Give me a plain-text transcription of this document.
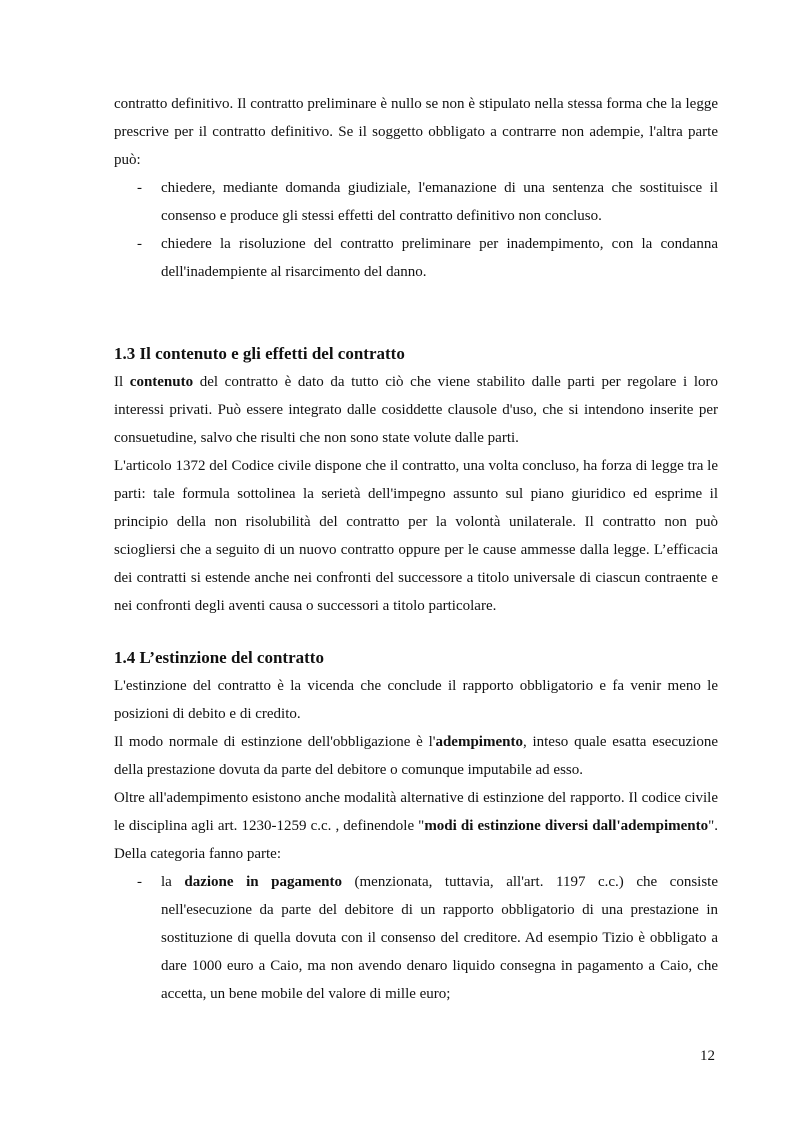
contratto definitivo. Il contratto preliminare è nullo se non è stipulato nella stessa forma che la legge prescrive per il contratto definitivo. Se il soggetto obbligato a contrarre non adempie, l'altra parte può:

- chiedere, mediante domanda giudiziale, l'emanazione di una sentenza che sostituisce il consenso e produce gli stessi effetti del contratto definitivo non concluso.
- chiedere la risoluzione del contratto preliminare per inadempimento, con la condanna dell'inadempiente al risarcimento del danno.
1.3 Il contenuto e gli effetti del contratto

Il contenuto del contratto è dato da tutto ciò che viene stabilito dalle parti per regolare i loro interessi privati. Può essere integrato dalle cosiddette clausole d'uso, che si intendono inserite per consuetudine, salvo che risulti che non sono state volute dalle parti.

L'articolo 1372 del Codice civile dispone che il contratto, una volta concluso, ha forza di legge tra le parti: tale formula sottolinea la serietà dell'impegno assunto sul piano giuridico ed esprime il principio della non risolubilità del contratto per la volontà unilaterale. Il contratto non può sciogliersi che a seguito di un nuovo contratto oppure per le cause ammesse dalla legge. L’efficacia dei contratti si estende anche nei confronti del successore a titolo universale di ciascun contraente e nei confronti degli aventi causa o successori a titolo particolare.

1.4 L’estinzione del contratto

L'estinzione del contratto è la vicenda che conclude il rapporto obbligatorio e fa venir meno le posizioni di debito e di credito.

Il modo normale di estinzione dell'obbligazione è l'adempimento, inteso quale esatta esecuzione della prestazione dovuta da parte del debitore o comunque imputabile ad esso.

Oltre all'adempimento esistono anche modalità alternative di estinzione del rapporto. Il codice civile le disciplina agli art. 1230-1259 c.c. , definendole "modi di estinzione diversi dall'adempimento". Della categoria fanno parte:

- la dazione in pagamento (menzionata, tuttavia, all'art. 1197 c.c.) che consiste nell'esecuzione da parte del debitore di un rapporto obbligatorio di una prestazione in sostituzione di quella dovuta con il consenso del creditore. Ad esempio Tizio è obbligato a dare 1000 euro a Caio, ma non avendo denaro liquido consegna in pagamento a Caio, che accetta, un bene mobile del valore di mille euro;
12
